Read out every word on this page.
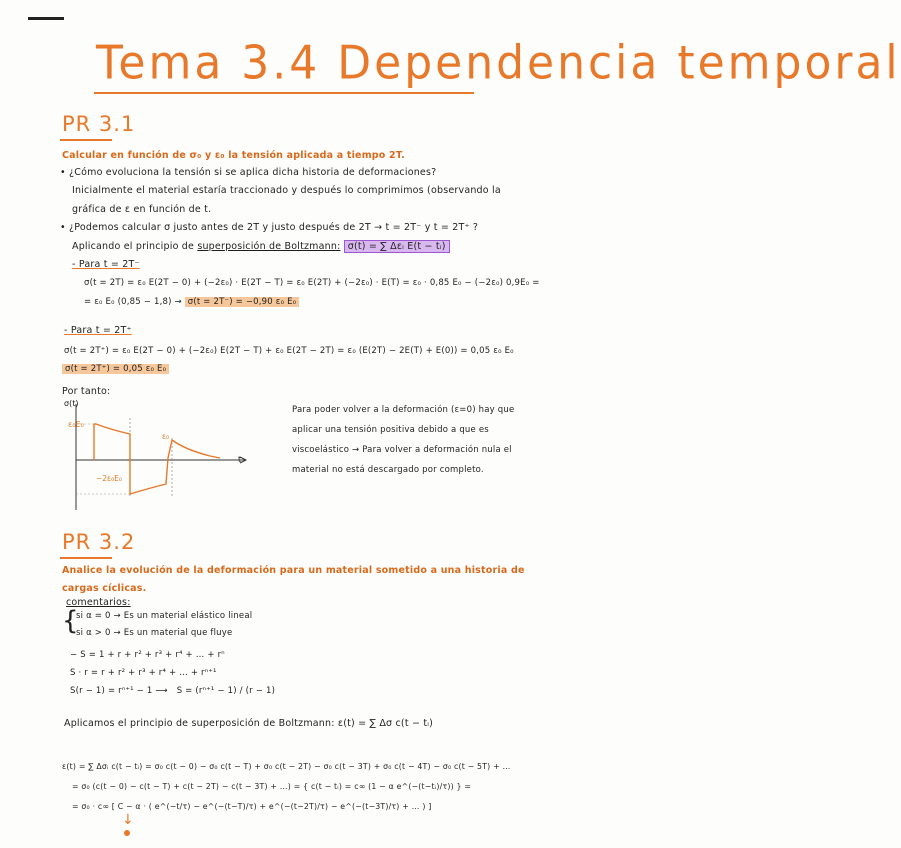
Tema 3.4 Dependencia temporal
PR 3.1
Calcular en función de σ₀ y ε₀ la tensión aplicada a tiempo 2T.
• ¿Cómo evoluciona la tensión si se aplica dicha historia de deformaciones?
Inicialmente el material estaría traccionado y después lo comprimimos (observando la
gráfica de ε en función de t.
• ¿Podemos calcular σ justo antes de 2T y justo después de 2T → t = 2T⁻ y t = 2T⁺ ?
Aplicando el principio de superposición de Boltzmann: σ(t) = ∑ Δεᵢ E(t − tᵢ)
- Para t = 2T⁻
σ(t = 2T) = ε₀ E(2T − 0) + (−2ε₀) · E(2T − T) = ε₀ E(2T) + (−2ε₀) · E(T) = ε₀ · 0,85 E₀ − (−2ε₀) 0,9E₀ =
= ε₀ E₀ (0,85 − 1,8) → σ(t = 2T⁻) = −0,90 ε₀ E₀
- Para t = 2T⁺
σ(t = 2T⁺) = ε₀ E(2T − 0) + (−2ε₀) E(2T − T) + ε₀ E(2T − 2T) = ε₀ (E(2T) − 2E(T) + E(0)) = 0,05 ε₀ E₀
σ(t = 2T⁺) = 0,05 ε₀ E₀
Por tanto:
σ(t)
ε₀E₀
−2ε₀E₀
ε₀
t
Para poder volver a la deformación (ε=0) hay que
aplicar una tensión positiva debido a que es
viscoelástico → Para volver a deformación nula el
material no está descargado por completo.
PR 3.2
Analice la evolución de la deformación para un material sometido a una historia de
cargas cíclicas.
comentarios:
{
si α = 0 → Es un material elástico lineal
si α > 0 → Es un material que fluye
− S = 1 + r + r² + r³ + r⁴ + … + rⁿ
S · r = r + r² + r³ + r⁴ + … + rⁿ⁺¹
S(r − 1) = rⁿ⁺¹ − 1 ⟶ S = (rⁿ⁺¹ − 1) / (r − 1)
Aplicamos el principio de superposición de Boltzmann: ε(t) = ∑ Δσ c(t − tᵢ)
ε(t) = ∑ Δσᵢ c(t − tᵢ) = σ₀ c(t − 0) − σ₀ c(t − T) + σ₀ c(t − 2T) − σ₀ c(t − 3T) + σ₀ c(t − 4T) − σ₀ c(t − 5T) + …
= σ₀ (c(t − 0) − c(t − T) + c(t − 2T) − c(t − 3T) + …) = { c(t − tᵢ) = c∞ (1 − α e^(−(t−tᵢ)/τ)) } =
= σ₀ · c∞ [ C − α · ( e^(−t/τ) − e^(−(t−T)/τ) + e^(−(t−2T)/τ) − e^(−(t−3T)/τ) + … ) ]
↓
